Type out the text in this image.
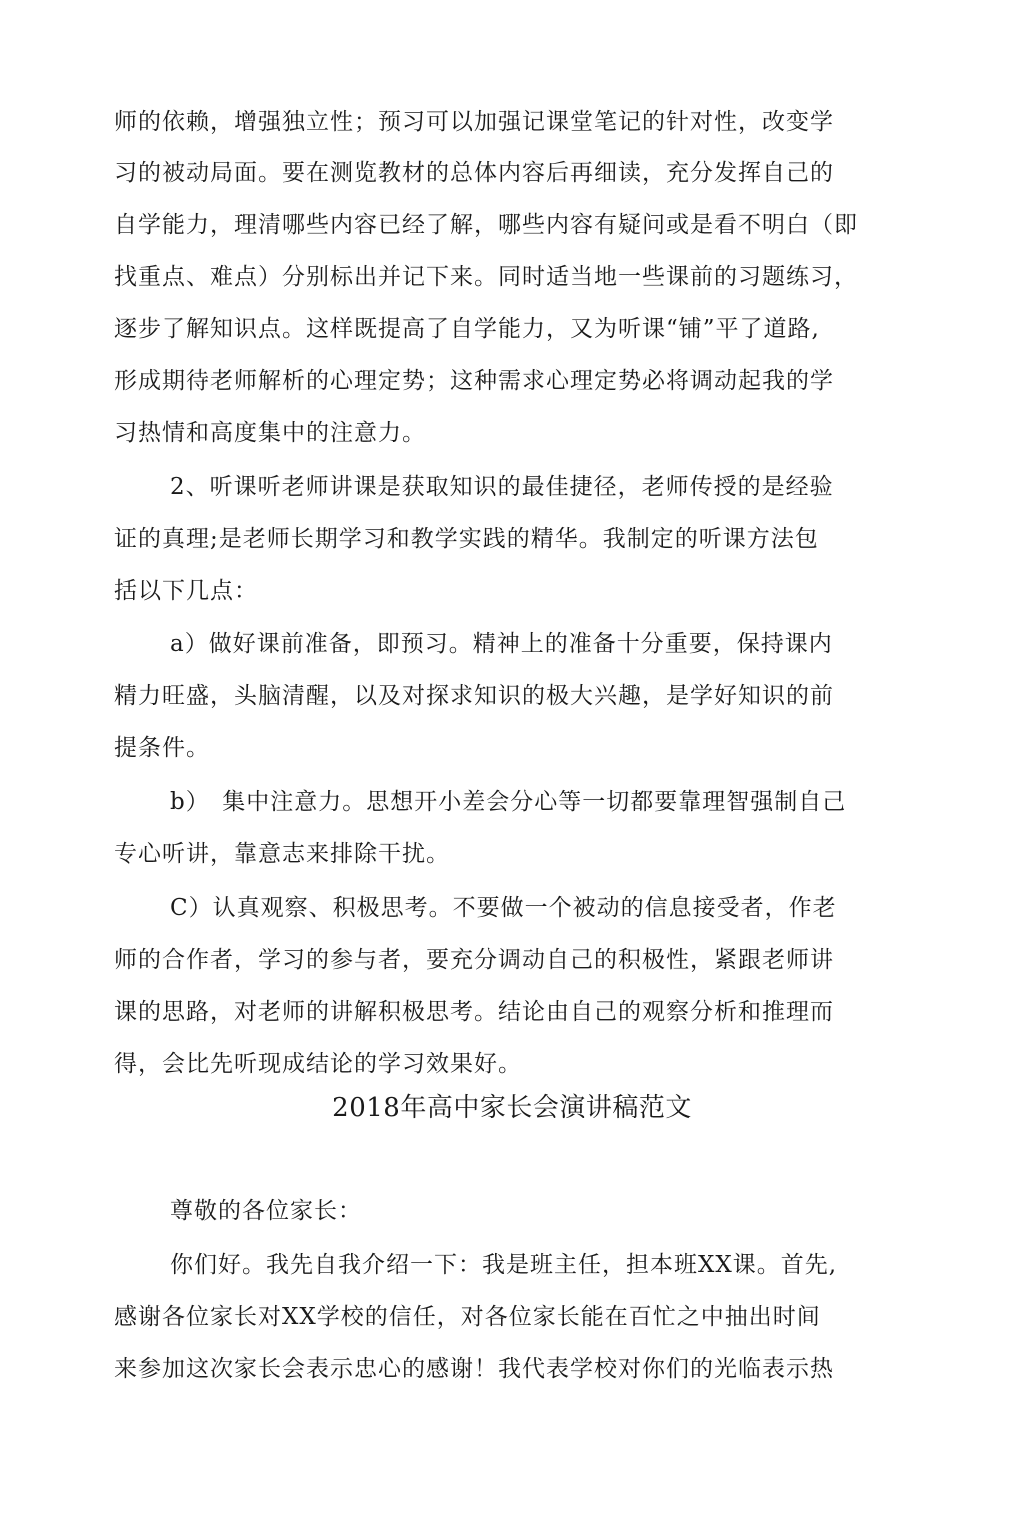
师的依赖，增强独立性；预习可以加强记课堂笔记的针对性，改变学
习的被动局面。要在测览教材的总体内容后再细读，充分发挥自己的
自学能力，理清哪些内容已经了解，哪些内容有疑问或是看不明白（即
找重点、难点）分别标出并记下来。同时适当地一些课前的习题练习，
逐步了解知识点。这样既提高了自学能力，又为听课“铺”平了道路,
形成期待老师解析的心理定势；这种需求心理定势必将调动起我的学
习热情和高度集中的注意力。
2、听课听老师讲课是获取知识的最佳捷径，老师传授的是经验
证的真理;是老师长期学习和教学实践的精华。我制定的听课方法包
括以下几点：
a）做好课前准备，即预习。精神上的准备十分重要，保持课内
精力旺盛，头脑清醒，以及对探求知识的极大兴趣，是学好知识的前
提条件。
b）　集中注意力。思想开小差会分心等一切都要靠理智强制自己
专心听讲，靠意志来排除干扰。
C）认真观察、积极思考。不要做一个被动的信息接受者，作老
师的合作者，学习的参与者，要充分调动自己的积极性，紧跟老师讲
课的思路，对老师的讲解积极思考。结论由自己的观察分析和推理而
得，会比先听现成结论的学习效果好。
2018年高中家长会演讲稿范文
尊敬的各位家长：
你们好。我先自我介绍一下：我是班主任，担本班XX课。首先,
感谢各位家长对XX学校的信任，对各位家长能在百忙之中抽出时间
来参加这次家长会表示忠心的感谢！我代表学校对你们的光临表示热
